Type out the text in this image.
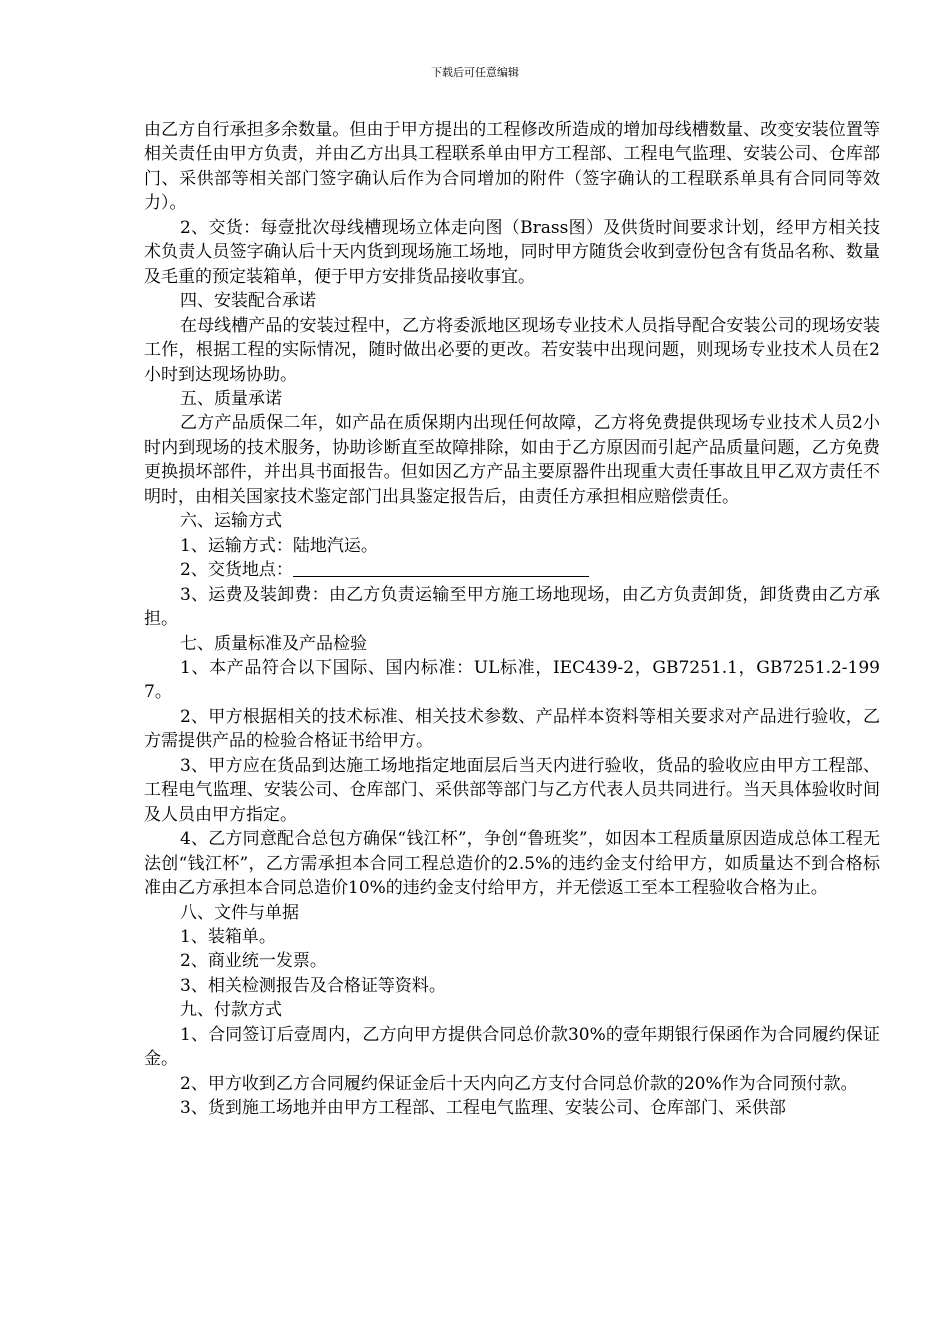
下载后可任意编辑

由乙方自行承担多余数量。但由于甲方提出的工程修改所造成的增加母线槽数量、改变安装位置等相关责任由甲方负责，并由乙方出具工程联系单由甲方工程部、工程电气监理、安装公司、仓库部门、采供部等相关部门签字确认后作为合同增加的附件（签字确认的工程联系单具有合同同等效力）。

2、交货：每壹批次母线槽现场立体走向图（Brass图）及供货时间要求计划，经甲方相关技术负责人员签字确认后十天内货到现场施工场地，同时甲方随货会收到壹份包含有货品名称、数量及毛重的预定装箱单，便于甲方安排货品接收事宜。

四、安装配合承诺

在母线槽产品的安装过程中，乙方将委派地区现场专业技术人员指导配合安装公司的现场安装工作，根据工程的实际情况，随时做出必要的更改。若安装中出现问题，则现场专业技术人员在2小时到达现场协助。

五、质量承诺

乙方产品质保二年，如产品在质保期内出现任何故障，乙方将免费提供现场专业技术人员2小时内到现场的技术服务，协助诊断直至故障排除，如由于乙方原因而引起产品质量问题，乙方免费更换损坏部件，并出具书面报告。但如因乙方产品主要原器件出现重大责任事故且甲乙双方责任不明时，由相关国家技术鉴定部门出具鉴定报告后，由责任方承担相应赔偿责任。

六、运输方式

1、运输方式：陆地汽运。

2、交货地点：

3、运费及装卸费：由乙方负责运输至甲方施工场地现场，由乙方负责卸货，卸货费由乙方承担。

七、质量标准及产品检验

1、本产品符合以下国际、国内标准：UL标准，IEC439-2，GB7251.1，GB7251.2-1997。

2、甲方根据相关的技术标准、相关技术参数、产品样本资料等相关要求对产品进行验收，乙方需提供产品的检验合格证书给甲方。

3、甲方应在货品到达施工场地指定地面层后当天内进行验收，货品的验收应由甲方工程部、工程电气监理、安装公司、仓库部门、采供部等部门与乙方代表人员共同进行。当天具体验收时间及人员由甲方指定。

4、乙方同意配合总包方确保“钱江杯”，争创“鲁班奖”，如因本工程质量原因造成总体工程无法创“钱江杯”，乙方需承担本合同工程总造价的2.5%的违约金支付给甲方，如质量达不到合格标准由乙方承担本合同总造价10%的违约金支付给甲方，并无偿返工至本工程验收合格为止。

八、文件与单据

1、装箱单。

2、商业统一发票。

3、相关检测报告及合格证等资料。

九、付款方式

1、合同签订后壹周内，乙方向甲方提供合同总价款30%的壹年期银行保函作为合同履约保证金。

2、甲方收到乙方合同履约保证金后十天内向乙方支付合同总价款的20%作为合同预付款。

3、货到施工场地并由甲方工程部、工程电气监理、安装公司、仓库部门、采供部
